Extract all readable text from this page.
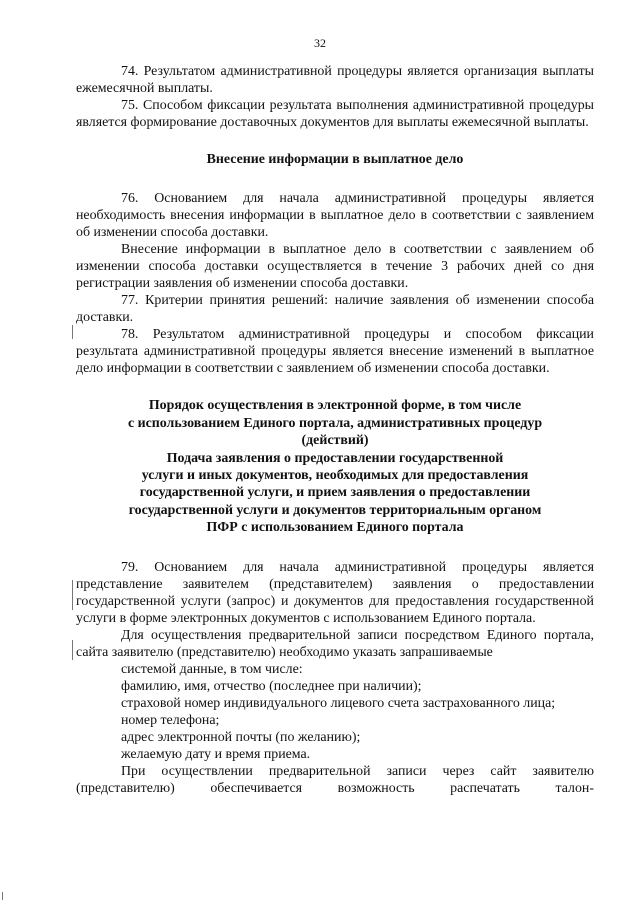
32

74. Результатом административной процедуры является организация выплаты ежемесячной выплаты.

75. Способом фиксации результата выполнения административной процедуры является формирование доставочных документов для выплаты ежемесячной выплаты.

Внесение информации в выплатное дело

76. Основанием для начала административной процедуры является необходимость внесения информации в выплатное дело в соответствии с заявлением об изменении способа доставки.

Внесение информации в выплатное дело в соответствии с заявлением об изменении способа доставки осуществляется в течение 3 рабочих дней со дня регистрации заявления об изменении способа доставки.

77. Критерии принятия решений: наличие заявления об изменении способа доставки.

78. Результатом административной процедуры и способом фиксации результата административной процедуры является внесение изменений в выплатное дело информации в соответствии с заявлением об изменении способа доставки.

Порядок осуществления в электронной форме, в том числе

с использованием Единого портала, административных процедур

(действий)

Подача заявления о предоставлении государственной

услуги и иных документов, необходимых для предоставления

государственной услуги, и прием заявления о предоставлении

государственной услуги и документов территориальным органом

ПФР с использованием Единого портала

79. Основанием для начала административной процедуры является представление заявителем (представителем) заявления о предоставлении государственной услуги (запрос) и документов для предоставления государственной услуги в форме электронных документов с использованием Единого портала.

Для осуществления предварительной записи посредством Единого портала, сайта заявителю (представителю) необходимо указать запрашиваемые

системой данные, в том числе:

фамилию, имя, отчество (последнее при наличии);

страховой номер индивидуального лицевого счета застрахованного лица;

номер телефона;

адрес электронной почты (по желанию);

желаемую дату и время приема.

При осуществлении предварительной записи через сайт заявителю (представителю) обеспечивается возможность распечатать талон-
